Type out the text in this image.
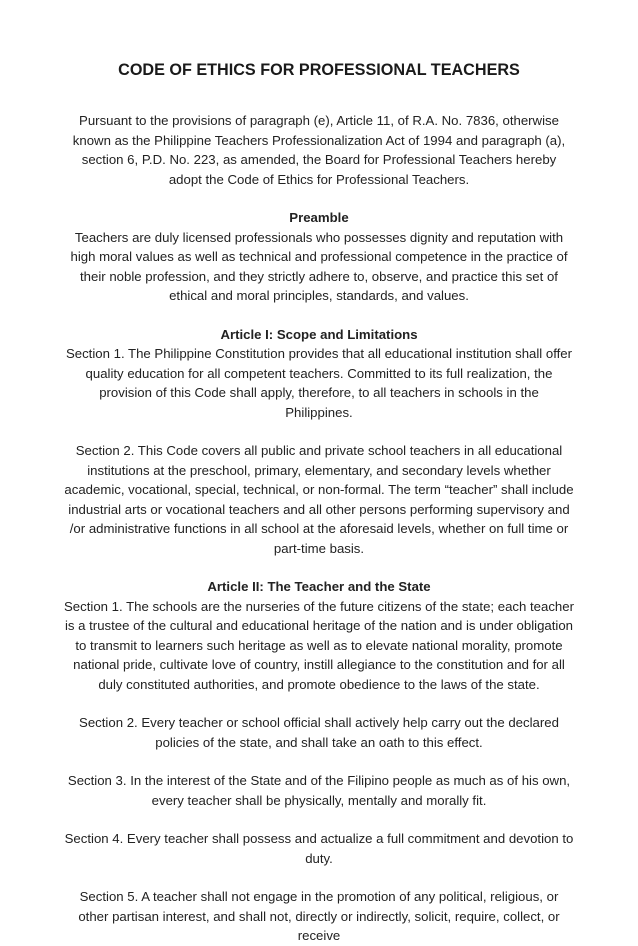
CODE OF ETHICS FOR PROFESSIONAL TEACHERS

Pursuant to the provisions of paragraph (e), Article 11, of R.A. No. 7836, otherwise known as the Philippine Teachers Professionalization Act of 1994 and paragraph (a), section 6, P.D. No. 223, as amended, the Board for Professional Teachers hereby adopt the Code of Ethics for Professional Teachers.

Preamble

Teachers are duly licensed professionals who possesses dignity and reputation with high moral values as well as technical and professional competence in the practice of their noble profession, and they strictly adhere to, observe, and practice this set of ethical and moral principles, standards, and values.

Article I: Scope and Limitations

Section 1. The Philippine Constitution provides that all educational institution shall offer quality education for all competent teachers. Committed to its full realization, the provision of this Code shall apply, therefore, to all teachers in schools in the Philippines.

Section 2. This Code covers all public and private school teachers in all educational institutions at the preschool, primary, elementary, and secondary levels whether academic, vocational, special, technical, or non-formal. The term “teacher” shall include industrial arts or vocational teachers and all other persons performing supervisory and /or administrative functions in all school at the aforesaid levels, whether on full time or part-time basis.

Article II: The Teacher and the State

Section 1. The schools are the nurseries of the future citizens of the state; each teacher is a trustee of the cultural and educational heritage of the nation and is under obligation to transmit to learners such heritage as well as to elevate national morality, promote national pride, cultivate love of country, instill allegiance to the constitution and for all duly constituted authorities, and promote obedience to the laws of the state.

Section 2. Every teacher or school official shall actively help carry out the declared policies of the state, and shall take an oath to this effect.

Section 3. In the interest of the State and of the Filipino people as much as of his own, every teacher shall be physically, mentally and morally fit.

Section 4. Every teacher shall possess and actualize a full commitment and devotion to duty.

Section 5. A teacher shall not engage in the promotion of any political, religious, or other partisan interest, and shall not, directly or indirectly, solicit, require, collect, or receive
